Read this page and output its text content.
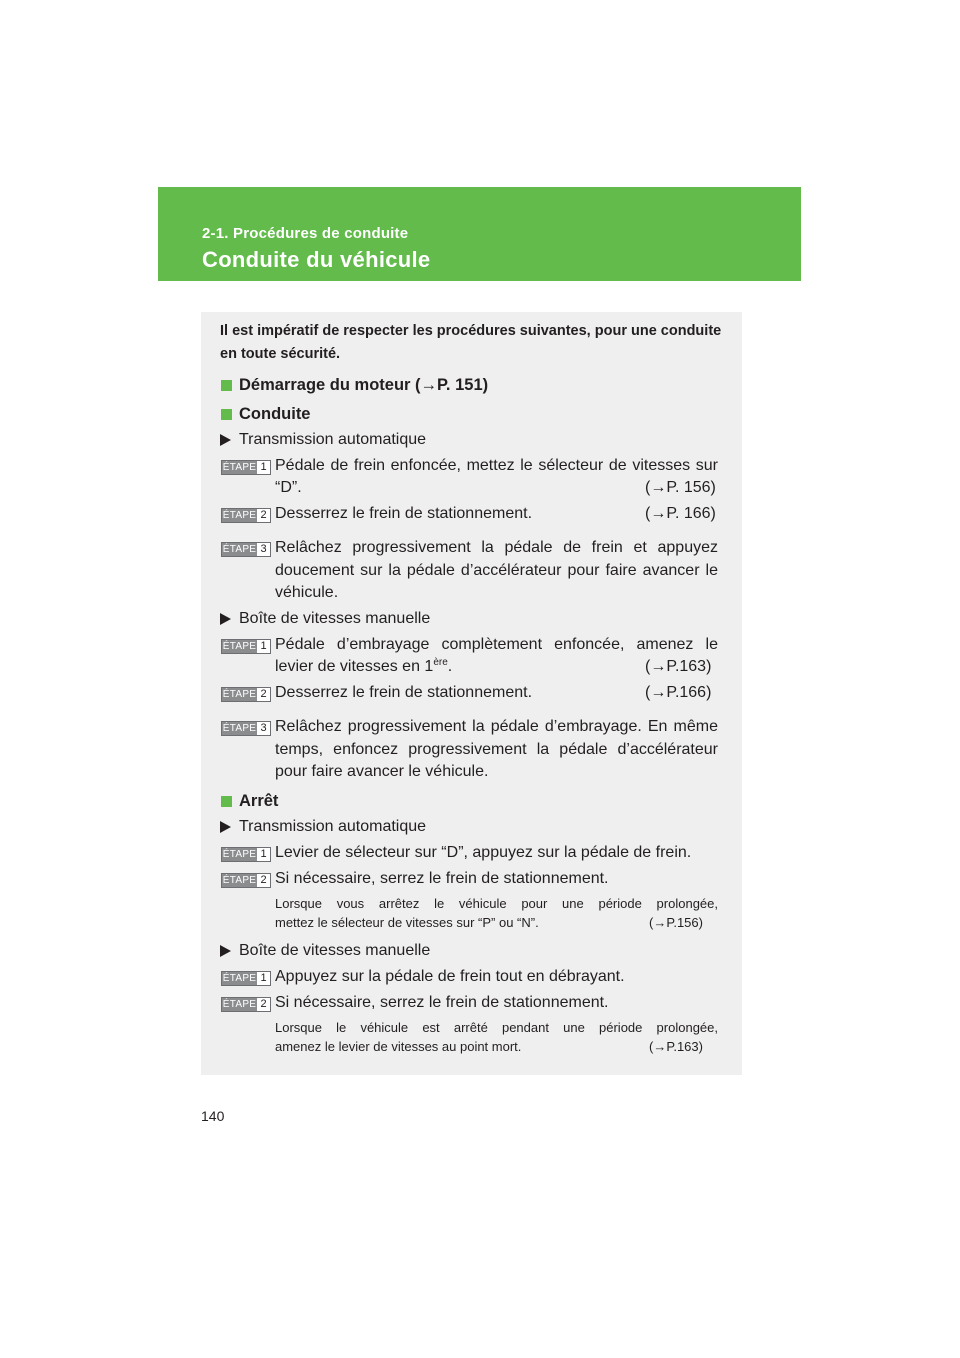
2-1. Procédures de conduite
Conduite du véhicule
Il est impératif de respecter les procédures suivantes, pour une conduite
en toute sécurité.
Démarrage du moteur ( → P. 151)
Conduite
Transmission automatique
ÉTAPE 1 Pédale de frein enfoncée, mettez le sélecteur de vitesses sur
“D”.	(→P. 156)
ÉTAPE 2 Desserrez le frein de stationnement.	(→P. 166)
ÉTAPE 3 Relâchez progressivement la pédale de frein et appuyez
doucement sur la pédale d’accélérateur pour faire avancer le
véhicule.
Boîte de vitesses manuelle
ÉTAPE 1 Pédale d’embrayage complètement enfoncée, amenez le
levier de vitesses en 1ère.	(→P.163)
ÉTAPE 2 Desserrez le frein de stationnement.	(→P.166)
ÉTAPE 3 Relâchez progressivement la pédale d’embrayage. En même
temps, enfoncez progressivement la pédale d’accélérateur
pour faire avancer le véhicule.
Arrêt
Transmission automatique
ÉTAPE 1 Levier de sélecteur sur “D”, appuyez sur la pédale de frein.
ÉTAPE 2 Si nécessaire, serrez le frein de stationnement.
Lorsque vous arrêtez le véhicule pour une période prolongée,
mettez le sélecteur de vitesses sur “P” ou “N”.	(→P.156)
Boîte de vitesses manuelle
ÉTAPE 1 Appuyez sur la pédale de frein tout en débrayant.
ÉTAPE 2 Si nécessaire, serrez le frein de stationnement.
Lorsque le véhicule est arrêté pendant une période prolongée,
amenez le levier de vitesses au point mort.	(→P.163)
140
